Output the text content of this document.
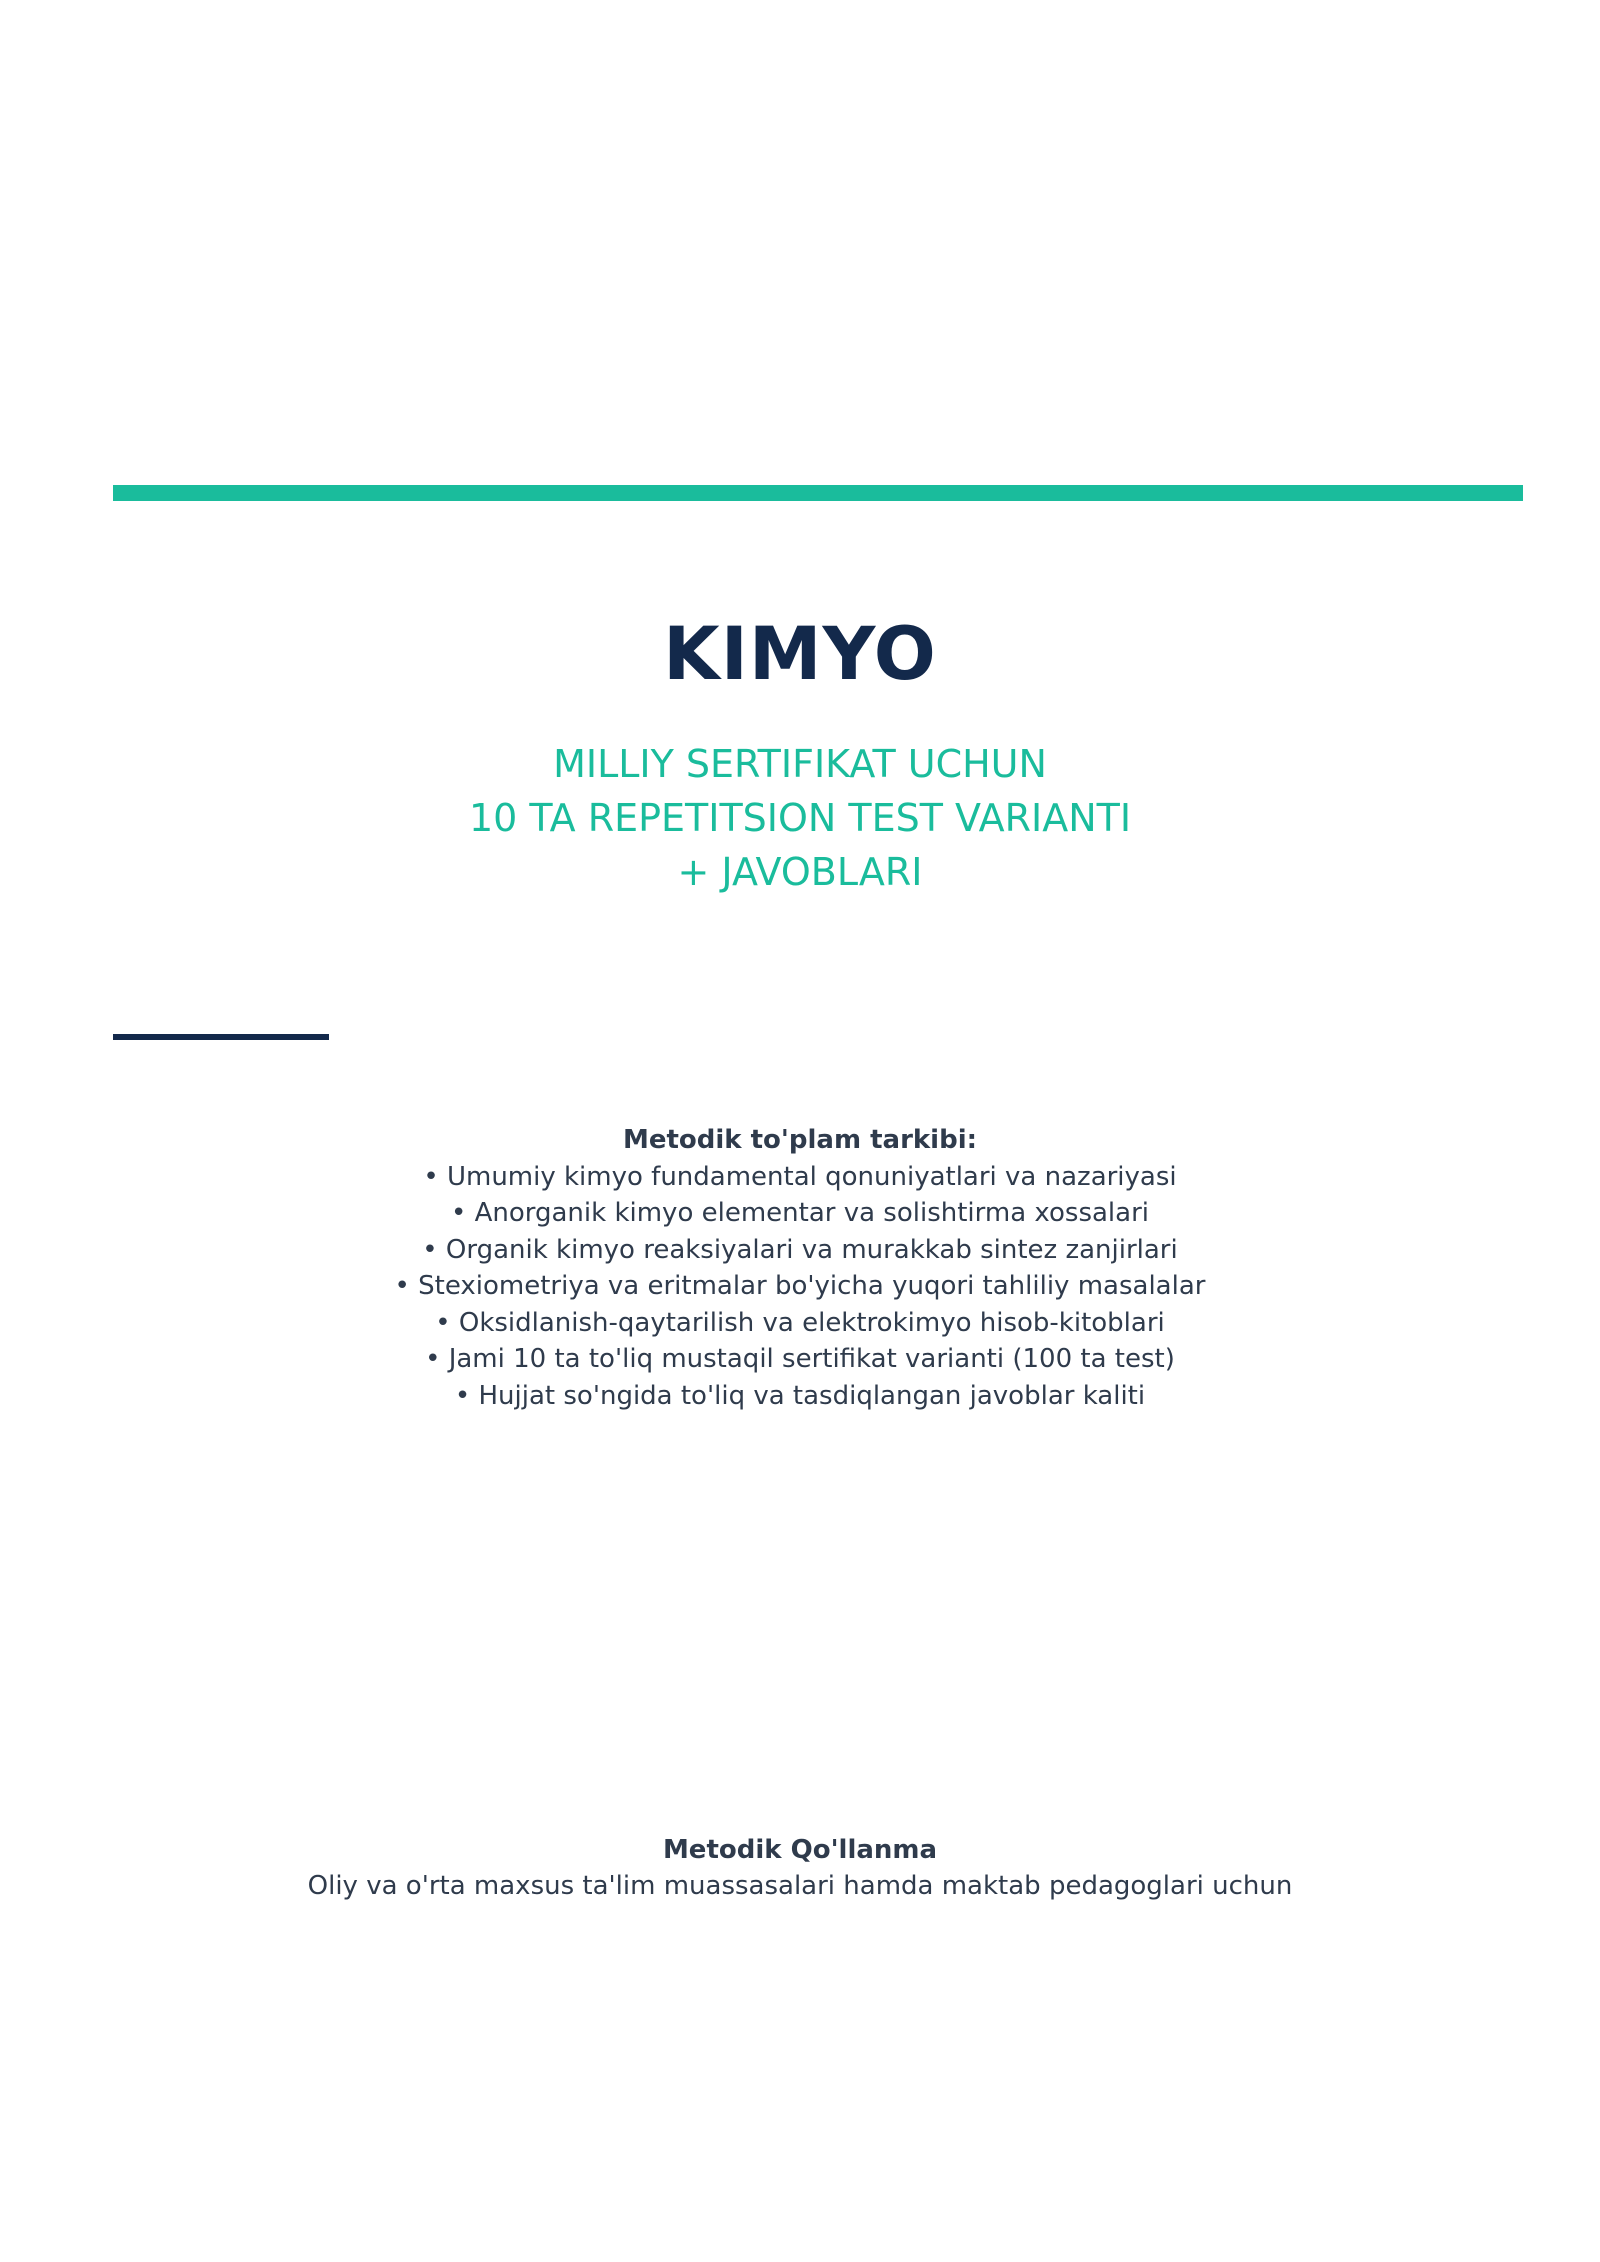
KIMYO
MILLIY SERTIFIKAT UCHUN
10 TA REPETITSION TEST VARIANTI
+ JAVOBLARI
Metodik to'plam tarkibi:
• Umumiy kimyo fundamental qonuniyatlari va nazariyasi
• Anorganik kimyo elementar va solishtirma xossalari
• Organik kimyo reaksiyalari va murakkab sintez zanjirlari
• Stexiometriya va eritmalar bo'yicha yuqori tahliliy masalalar
• Oksidlanish-qaytarilish va elektrokimyo hisob-kitoblari
• Jami 10 ta to'liq mustaqil sertifikat varianti (100 ta test)
• Hujjat so'ngida to'liq va tasdiqlangan javoblar kaliti
Metodik Qo'llanma
Oliy va o'rta maxsus ta'lim muassasalari hamda maktab pedagoglari uchun
